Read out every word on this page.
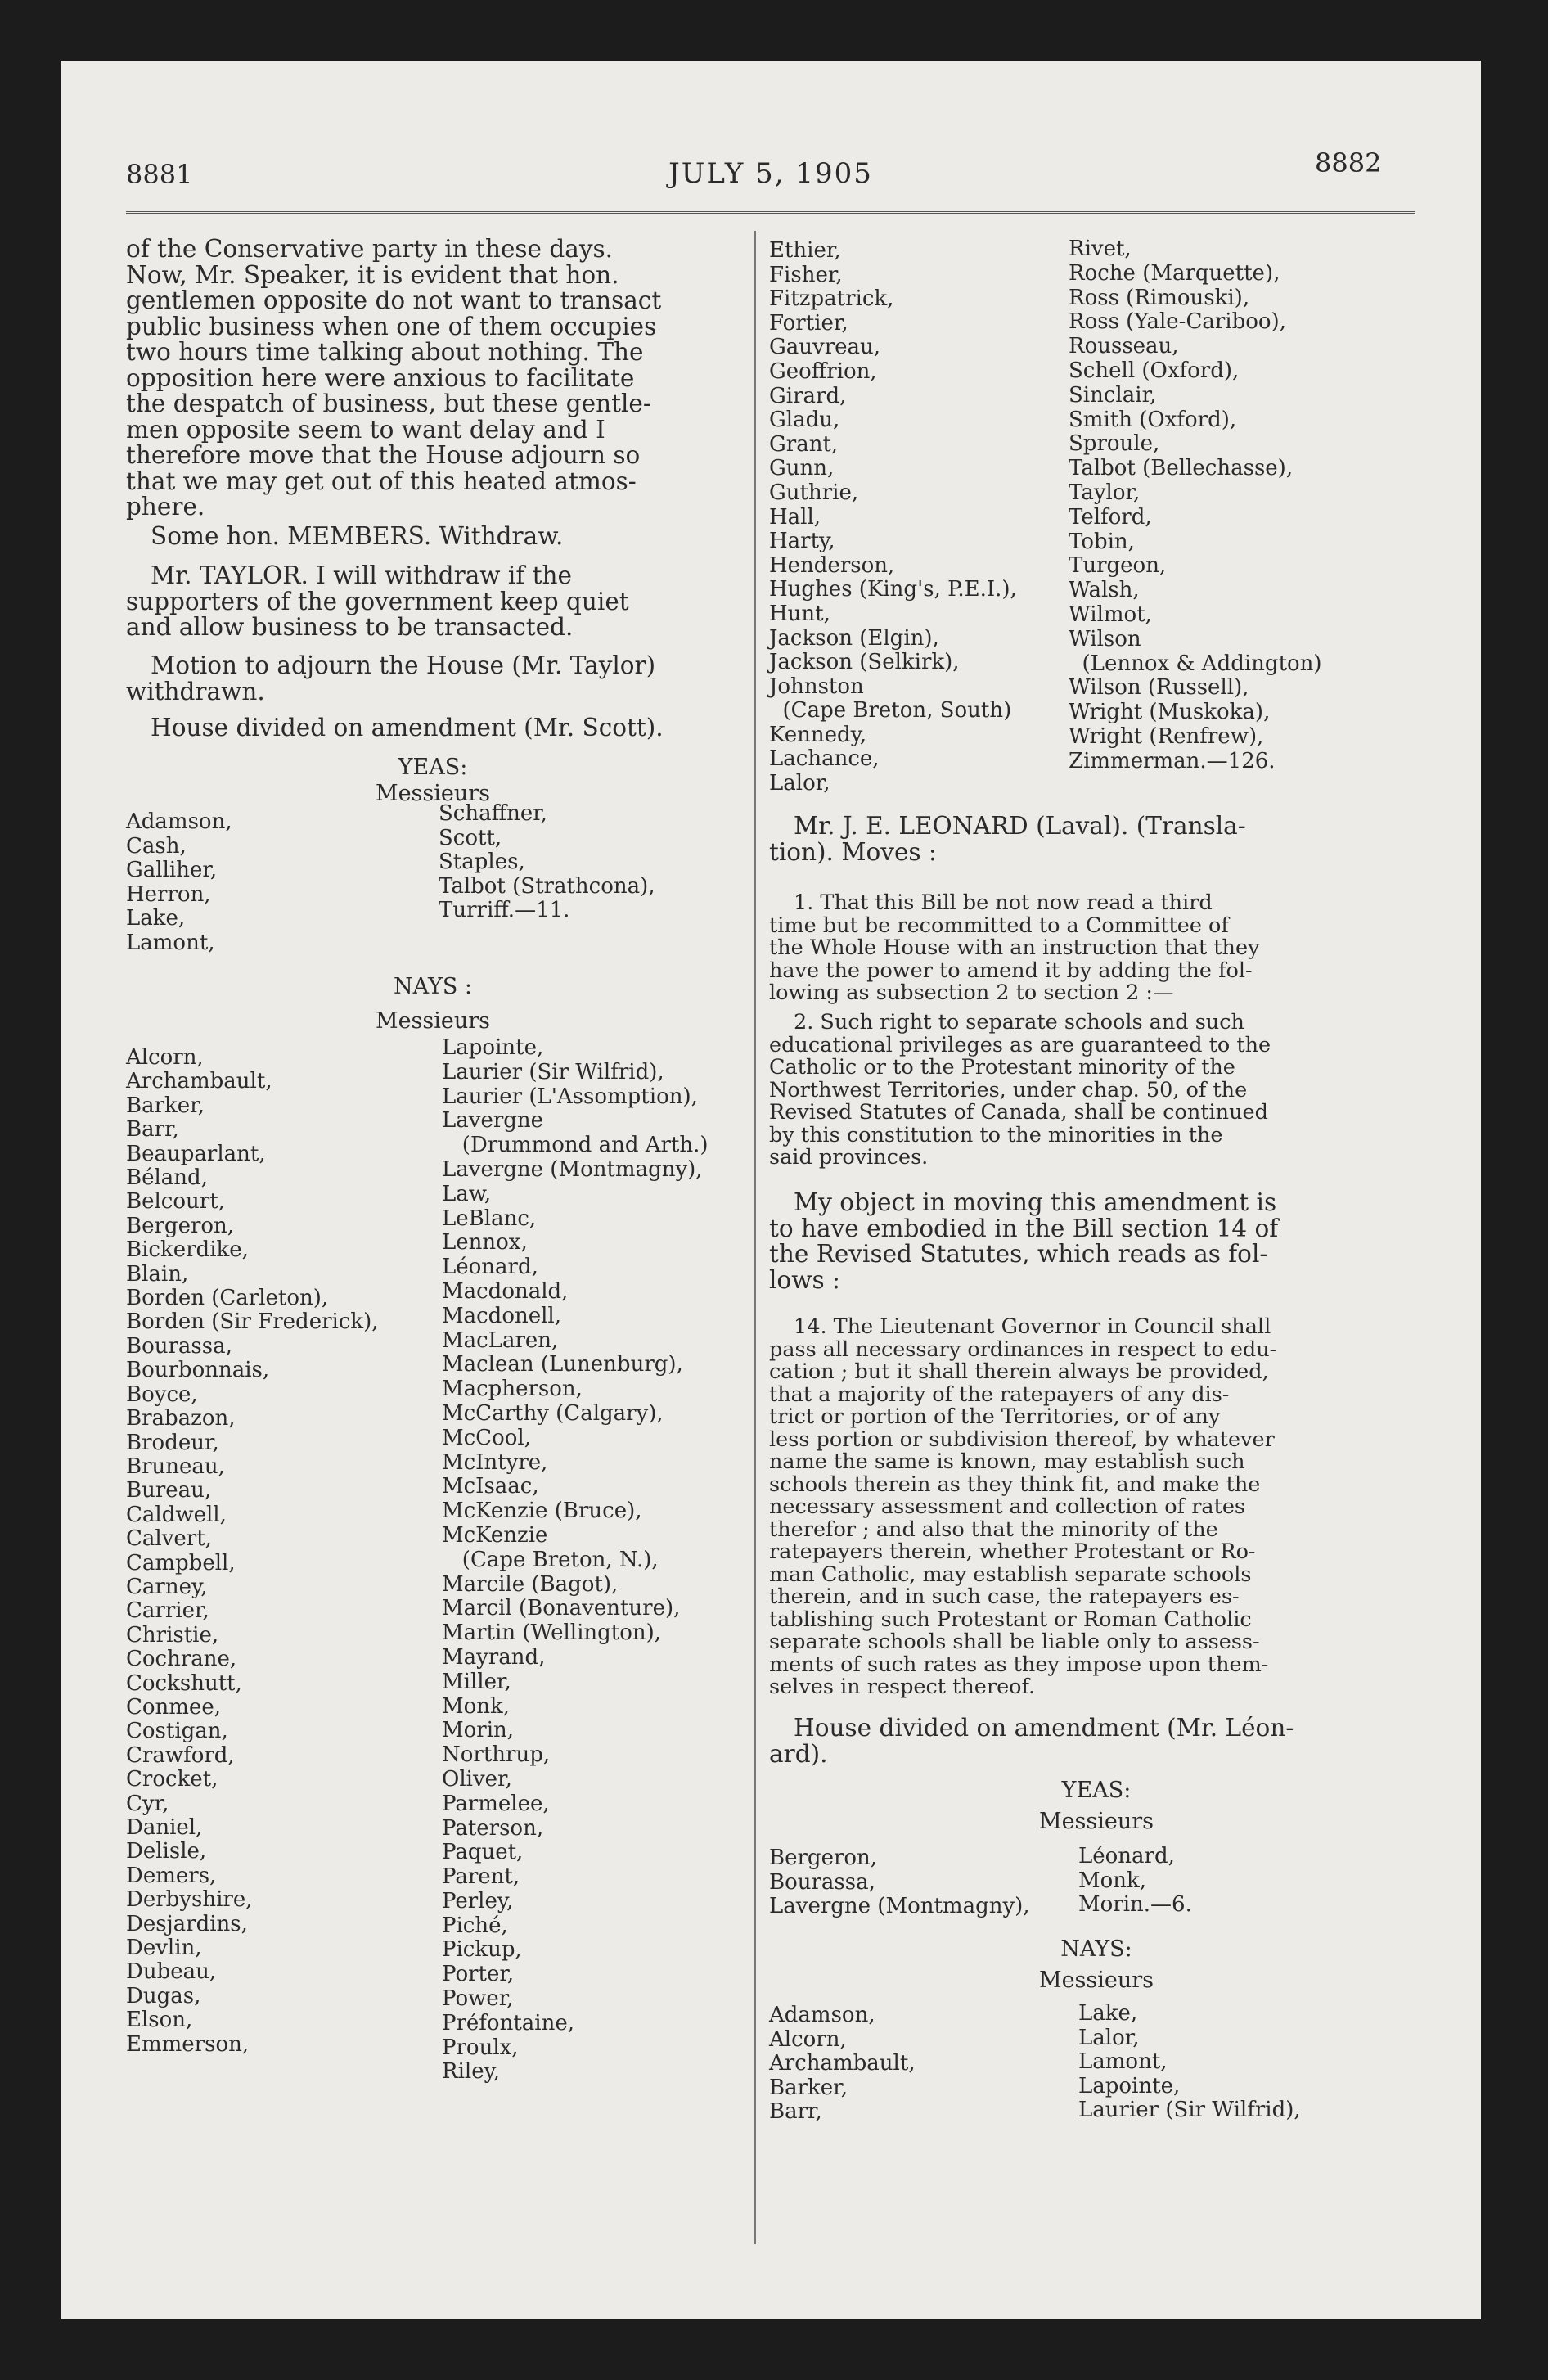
8881	JULY 5, 1905	8882
of the Conservative party in these days.
Now, Mr. Speaker, it is evident that hon.
gentlemen opposite do not want to transact
public business when one of them occupies
two hours time talking about nothing. The
opposition here were anxious to facilitate
the despatch of business, but these gentle-
men opposite seem to want delay and I
therefore move that the House adjourn so
that we may get out of this heated atmos-
phere.
Some hon. MEMBERS. Withdraw.
Mr. TAYLOR. I will withdraw if the
supporters of the government keep quiet
and allow business to be transacted.
Motion to adjourn the House (Mr. Taylor)
withdrawn.
House divided on amendment (Mr. Scott).
YEAS:
Messieurs
Adamson,
Cash,
Galliher,
Herron,
Lake,
Lamont,
Schaffner,
Scott,
Staples,
Talbot (Strathcona),
Turriff.—11.
NAYS :
Messieurs
Alcorn,
Archambault,
Barker,
Barr,
Beauparlant,
Béland,
Belcourt,
Bergeron,
Bickerdike,
Blain,
Borden (Carleton),
Borden (Sir Frederick),
Bourassa,
Bourbonnais,
Boyce,
Brabazon,
Brodeur,
Bruneau,
Bureau,
Caldwell,
Calvert,
Campbell,
Carney,
Carrier,
Christie,
Cochrane,
Cockshutt,
Conmee,
Costigan,
Crawford,
Crocket,
Cyr,
Daniel,
Delisle,
Demers,
Derbyshire,
Desjardins,
Devlin,
Dubeau,
Dugas,
Elson,
Emmerson,
Lapointe,
Laurier (Sir Wilfrid),
Laurier (L'Assomption),
Lavergne
(Drummond and Arth.)
Lavergne (Montmagny),
Law,
LeBlanc,
Lennox,
Léonard,
Macdonald,
Macdonell,
MacLaren,
Maclean (Lunenburg),
Macpherson,
McCarthy (Calgary),
McCool,
McIntyre,
McIsaac,
McKenzie (Bruce),
McKenzie
(Cape Breton, N.),
Marcile (Bagot),
Marcil (Bonaventure),
Martin (Wellington),
Mayrand,
Miller,
Monk,
Morin,
Northrup,
Oliver,
Parmelee,
Paterson,
Paquet,
Parent,
Perley,
Piché,
Pickup,
Porter,
Power,
Préfontaine,
Proulx,
Riley,
Ethier,
Fisher,
Fitzpatrick,
Fortier,
Gauvreau,
Geoffrion,
Girard,
Gladu,
Grant,
Gunn,
Guthrie,
Hall,
Harty,
Henderson,
Hughes (King's, P.E.I.),
Hunt,
Jackson (Elgin),
Jackson (Selkirk),
Johnston
(Cape Breton, South)
Kennedy,
Lachance,
Lalor,
Rivet,
Roche (Marquette),
Ross (Rimouski),
Ross (Yale-Cariboo),
Rousseau,
Schell (Oxford),
Sinclair,
Smith (Oxford),
Sproule,
Talbot (Bellechasse),
Taylor,
Telford,
Tobin,
Turgeon,
Walsh,
Wilmot,
Wilson
(Lennox & Addington)
Wilson (Russell),
Wright (Muskoka),
Wright (Renfrew),
Zimmerman.—126.
Mr. J. E. LEONARD (Laval). (Transla-
tion). Moves :
1. That this Bill be not now read a third
time but be recommitted to a Committee of
the Whole House with an instruction that they
have the power to amend it by adding the fol-
lowing as subsection 2 to section 2 :—
2. Such right to separate schools and such
educational privileges as are guaranteed to the
Catholic or to the Protestant minority of the
Northwest Territories, under chap. 50, of the
Revised Statutes of Canada, shall be continued
by this constitution to the minorities in the
said provinces.
My object in moving this amendment is
to have embodied in the Bill section 14 of
the Revised Statutes, which reads as fol-
lows :
14. The Lieutenant Governor in Council shall
pass all necessary ordinances in respect to edu-
cation ; but it shall therein always be provided,
that a majority of the ratepayers of any dis-
trict or portion of the Territories, or of any
less portion or subdivision thereof, by whatever
name the same is known, may establish such
schools therein as they think fit, and make the
necessary assessment and collection of rates
therefor ; and also that the minority of the
ratepayers therein, whether Protestant or Ro-
man Catholic, may establish separate schools
therein, and in such case, the ratepayers es-
tablishing such Protestant or Roman Catholic
separate schools shall be liable only to assess-
ments of such rates as they impose upon them-
selves in respect thereof.
House divided on amendment (Mr. Léon-
ard).
YEAS:
Messieurs
Bergeron,
Bourassa,
Lavergne (Montmagny),
Léonard,
Monk,
Morin.—6.
NAYS:
Messieurs
Adamson,
Alcorn,
Archambault,
Barker,
Barr,
Lake,
Lalor,
Lamont,
Lapointe,
Laurier (Sir Wilfrid),
